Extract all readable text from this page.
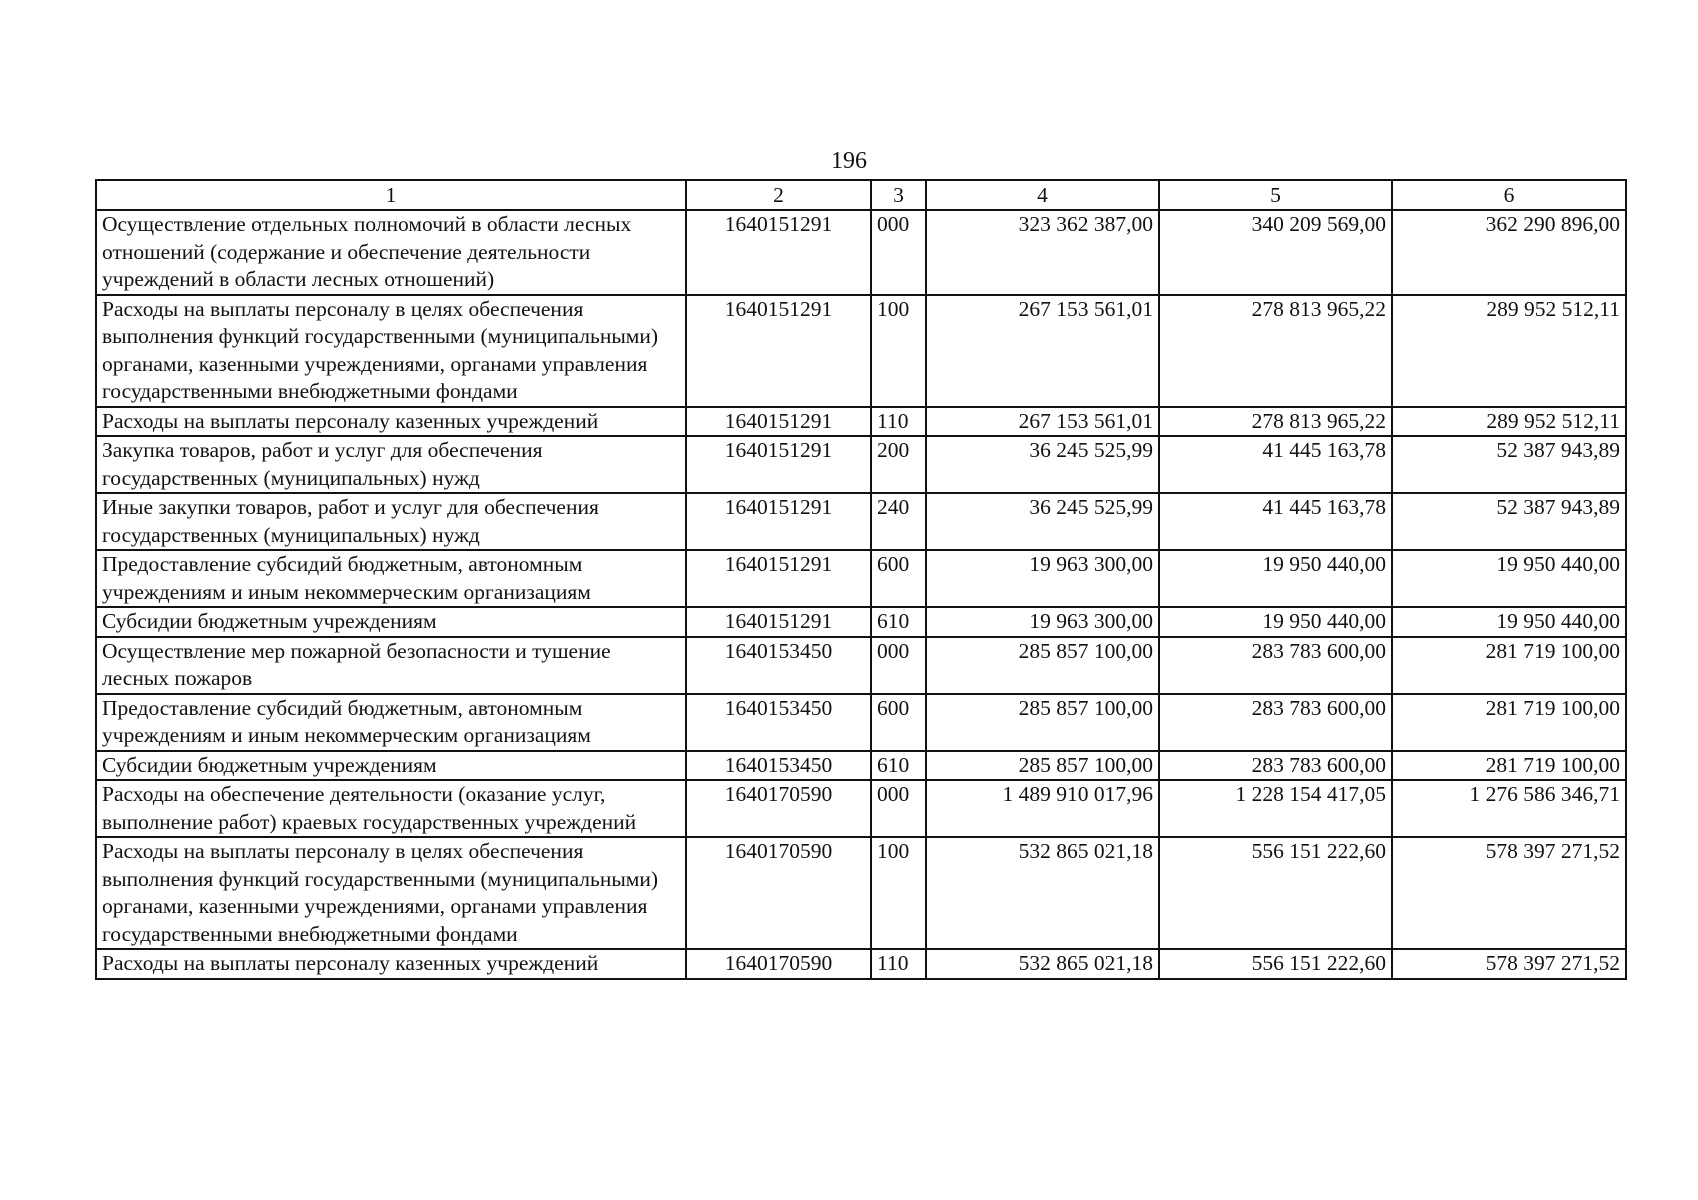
196
1	2	3	4	5	6
Осуществление отдельных полномочий в области лесных отношений (содержание и обеспечение деятельности учреждений в области лесных отношений)	1640151291	000	323 362 387,00	340 209 569,00	362 290 896,00
Расходы на выплаты персоналу в целях обеспечения выполнения функций государственными (муниципальными) органами, казенными учреждениями, органами управления государственными внебюджетными фондами	1640151291	100	267 153 561,01	278 813 965,22	289 952 512,11
Расходы на выплаты персоналу казенных учреждений	1640151291	110	267 153 561,01	278 813 965,22	289 952 512,11
Закупка товаров, работ и услуг для обеспечения государственных (муниципальных) нужд	1640151291	200	36 245 525,99	41 445 163,78	52 387 943,89
Иные закупки товаров, работ и услуг для обеспечения государственных (муниципальных) нужд	1640151291	240	36 245 525,99	41 445 163,78	52 387 943,89
Предоставление субсидий бюджетным, автономным учреждениям и иным некоммерческим организациям	1640151291	600	19 963 300,00	19 950 440,00	19 950 440,00
Субсидии бюджетным учреждениям	1640151291	610	19 963 300,00	19 950 440,00	19 950 440,00
Осуществление мер пожарной безопасности и тушение лесных пожаров	1640153450	000	285 857 100,00	283 783 600,00	281 719 100,00
Предоставление субсидий бюджетным, автономным учреждениям и иным некоммерческим организациям	1640153450	600	285 857 100,00	283 783 600,00	281 719 100,00
Субсидии бюджетным учреждениям	1640153450	610	285 857 100,00	283 783 600,00	281 719 100,00
Расходы на обеспечение деятельности (оказание услуг, выполнение работ) краевых государственных учреждений	1640170590	000	1 489 910 017,96	1 228 154 417,05	1 276 586 346,71
Расходы на выплаты персоналу в целях обеспечения выполнения функций государственными (муниципальными) органами, казенными учреждениями, органами управления государственными внебюджетными фондами	1640170590	100	532 865 021,18	556 151 222,60	578 397 271,52
Расходы на выплаты персоналу казенных учреждений	1640170590	110	532 865 021,18	556 151 222,60	578 397 271,52
